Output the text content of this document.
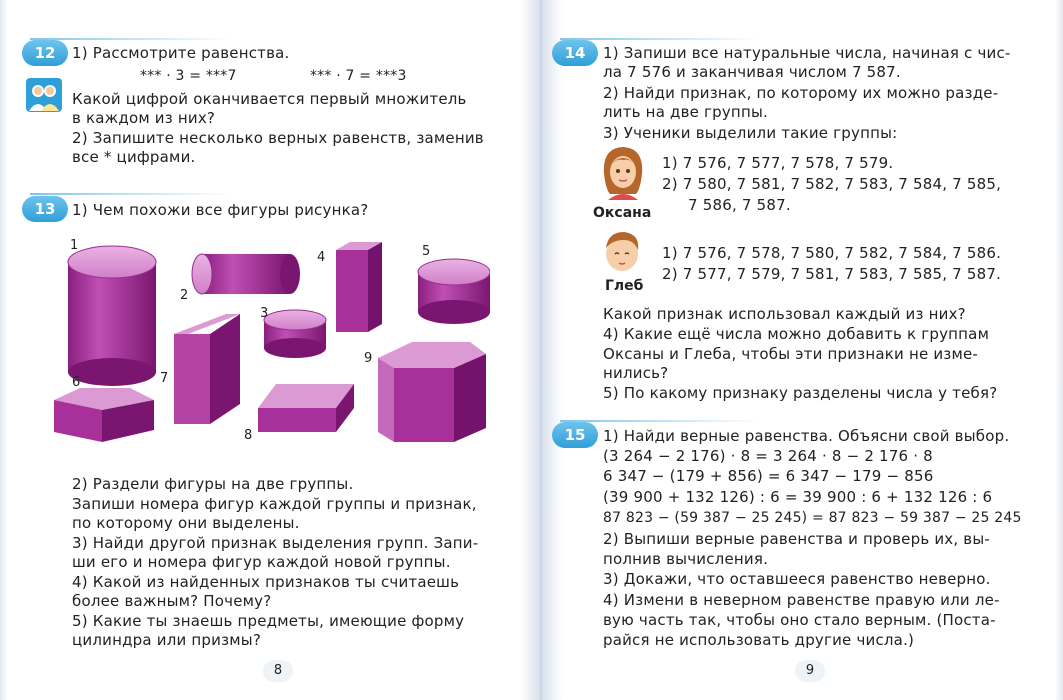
12	1) Рассмотрите равенства.
*** · 3 = ***7	*** · 7 = ***3
Какой цифрой оканчивается первый множитель
в каждом из них?
2) Запишите несколько верных равенств, заменив
все * цифрами.
13	1) Чем похожи все фигуры рисунка?
1
2
3
4	5
6	7
8
9
2) Раздели фигуры на две группы.
Запиши номера фигур каждой группы и признак,
по которому они выделены.
3) Найди другой признак выделения групп. Запи-
ши его и номера фигур каждой новой группы.
4) Какой из найденных признаков ты считаешь
более важным? Почему?
5) Какие ты знаешь предметы, имеющие форму
цилиндра или призмы?
8
14	1) Запиши все натуральные числа, начиная с чис-
ла 7 576 и заканчивая числом 7 587.
2) Найди признак, по которому их можно разде-
лить на две группы.
3) Ученики выделили такие группы:
Оксана
1) 7 576, 7 577, 7 578, 7 579.
2) 7 580, 7 581, 7 582, 7 583, 7 584, 7 585,
7 586, 7 587.
Глеб
1) 7 576, 7 578, 7 580, 7 582, 7 584, 7 586.
2) 7 577, 7 579, 7 581, 7 583, 7 585, 7 587.
Какой признак использовал каждый из них?
4) Какие ещё числа можно добавить к группам
Оксаны и Глеба, чтобы эти признаки не изме-
нились?
5) По какому признаку разделены числа у тебя?
15	1) Найди верные равенства. Объясни свой выбор.
(3 264 − 2 176) · 8 = 3 264 · 8 − 2 176 · 8
6 347 − (179 + 856) = 6 347 − 179 − 856
(39 900 + 132 126) : 6 = 39 900 : 6 + 132 126 : 6
87 823 − (59 387 − 25 245) = 87 823 − 59 387 − 25 245
2) Выпиши верные равенства и проверь их, вы-
полнив вычисления.
3) Докажи, что оставшееся равенство неверно.
4) Измени в неверном равенстве правую или ле-
вую часть так, чтобы оно стало верным. (Поста-
райся не использовать другие числа.)
9
